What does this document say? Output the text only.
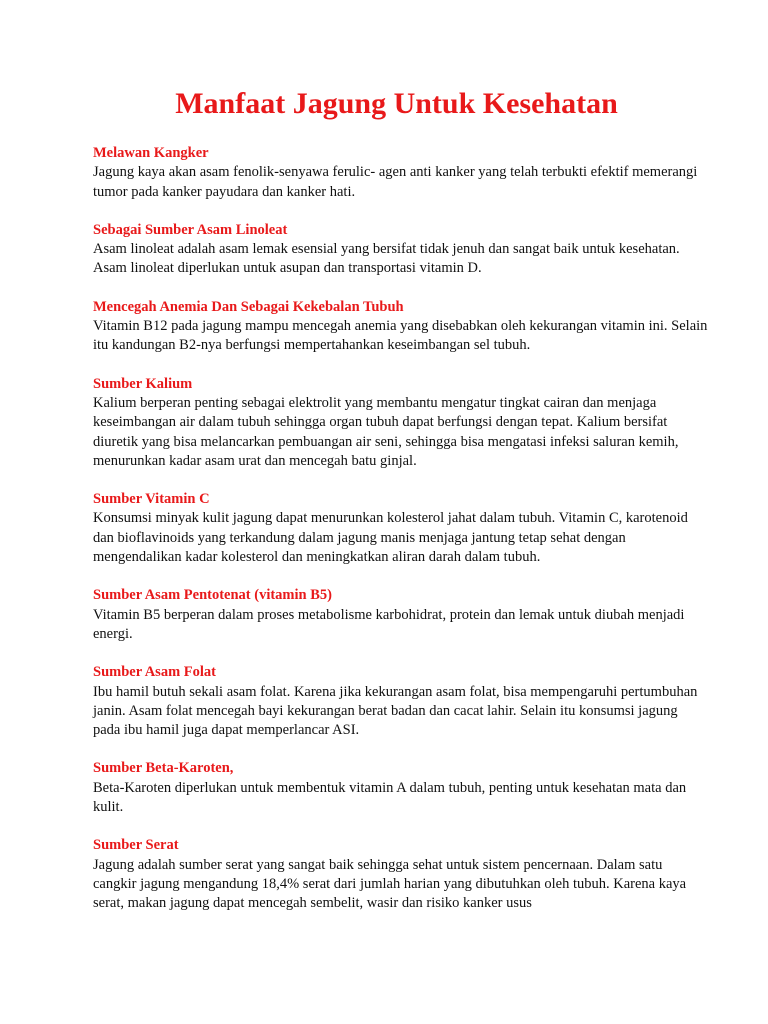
Manfaat Jagung Untuk Kesehatan

Melawan Kangker

Jagung kaya akan asam fenolik-senyawa ferulic- agen anti kanker yang telah terbukti efektif memerangi tumor pada kanker payudara dan kanker hati.

Sebagai Sumber Asam Linoleat

Asam linoleat adalah asam lemak esensial yang bersifat tidak jenuh dan sangat baik untuk kesehatan. Asam linoleat diperlukan untuk asupan dan transportasi vitamin D.

Mencegah Anemia Dan Sebagai Kekebalan Tubuh

Vitamin B12 pada jagung mampu mencegah anemia yang disebabkan oleh kekurangan vitamin ini. Selain itu kandungan B2-nya berfungsi mempertahankan keseimbangan sel tubuh.

Sumber Kalium

Kalium berperan penting sebagai elektrolit yang membantu mengatur tingkat cairan dan menjaga keseimbangan air dalam tubuh sehingga organ tubuh dapat berfungsi dengan tepat. Kalium bersifat diuretik yang bisa melancarkan pembuangan air seni, sehingga bisa mengatasi infeksi saluran kemih, menurunkan kadar asam urat dan mencegah batu ginjal.

Sumber Vitamin C

Konsumsi minyak kulit jagung dapat menurunkan kolesterol jahat dalam tubuh. Vitamin C, karotenoid dan bioflavinoids yang terkandung dalam jagung manis menjaga jantung tetap sehat dengan mengendalikan kadar kolesterol dan meningkatkan aliran darah dalam tubuh.

Sumber Asam Pentotenat (vitamin B5)

Vitamin B5 berperan dalam proses metabolisme karbohidrat, protein dan lemak untuk diubah menjadi energi.

Sumber Asam Folat

Ibu hamil butuh sekali asam folat. Karena jika kekurangan asam folat, bisa mempengaruhi pertumbuhan janin. Asam folat mencegah bayi kekurangan berat badan dan cacat lahir. Selain itu konsumsi jagung pada ibu hamil juga dapat memperlancar ASI.

Sumber Beta-Karoten,

Beta-Karoten diperlukan untuk membentuk vitamin A dalam tubuh, penting untuk kesehatan mata dan kulit.

Sumber Serat

Jagung adalah sumber serat yang sangat baik sehingga sehat untuk sistem pencernaan. Dalam satu cangkir jagung mengandung 18,4% serat dari jumlah harian yang dibutuhkan oleh tubuh. Karena kaya serat, makan jagung dapat mencegah sembelit, wasir dan risiko kanker usus
